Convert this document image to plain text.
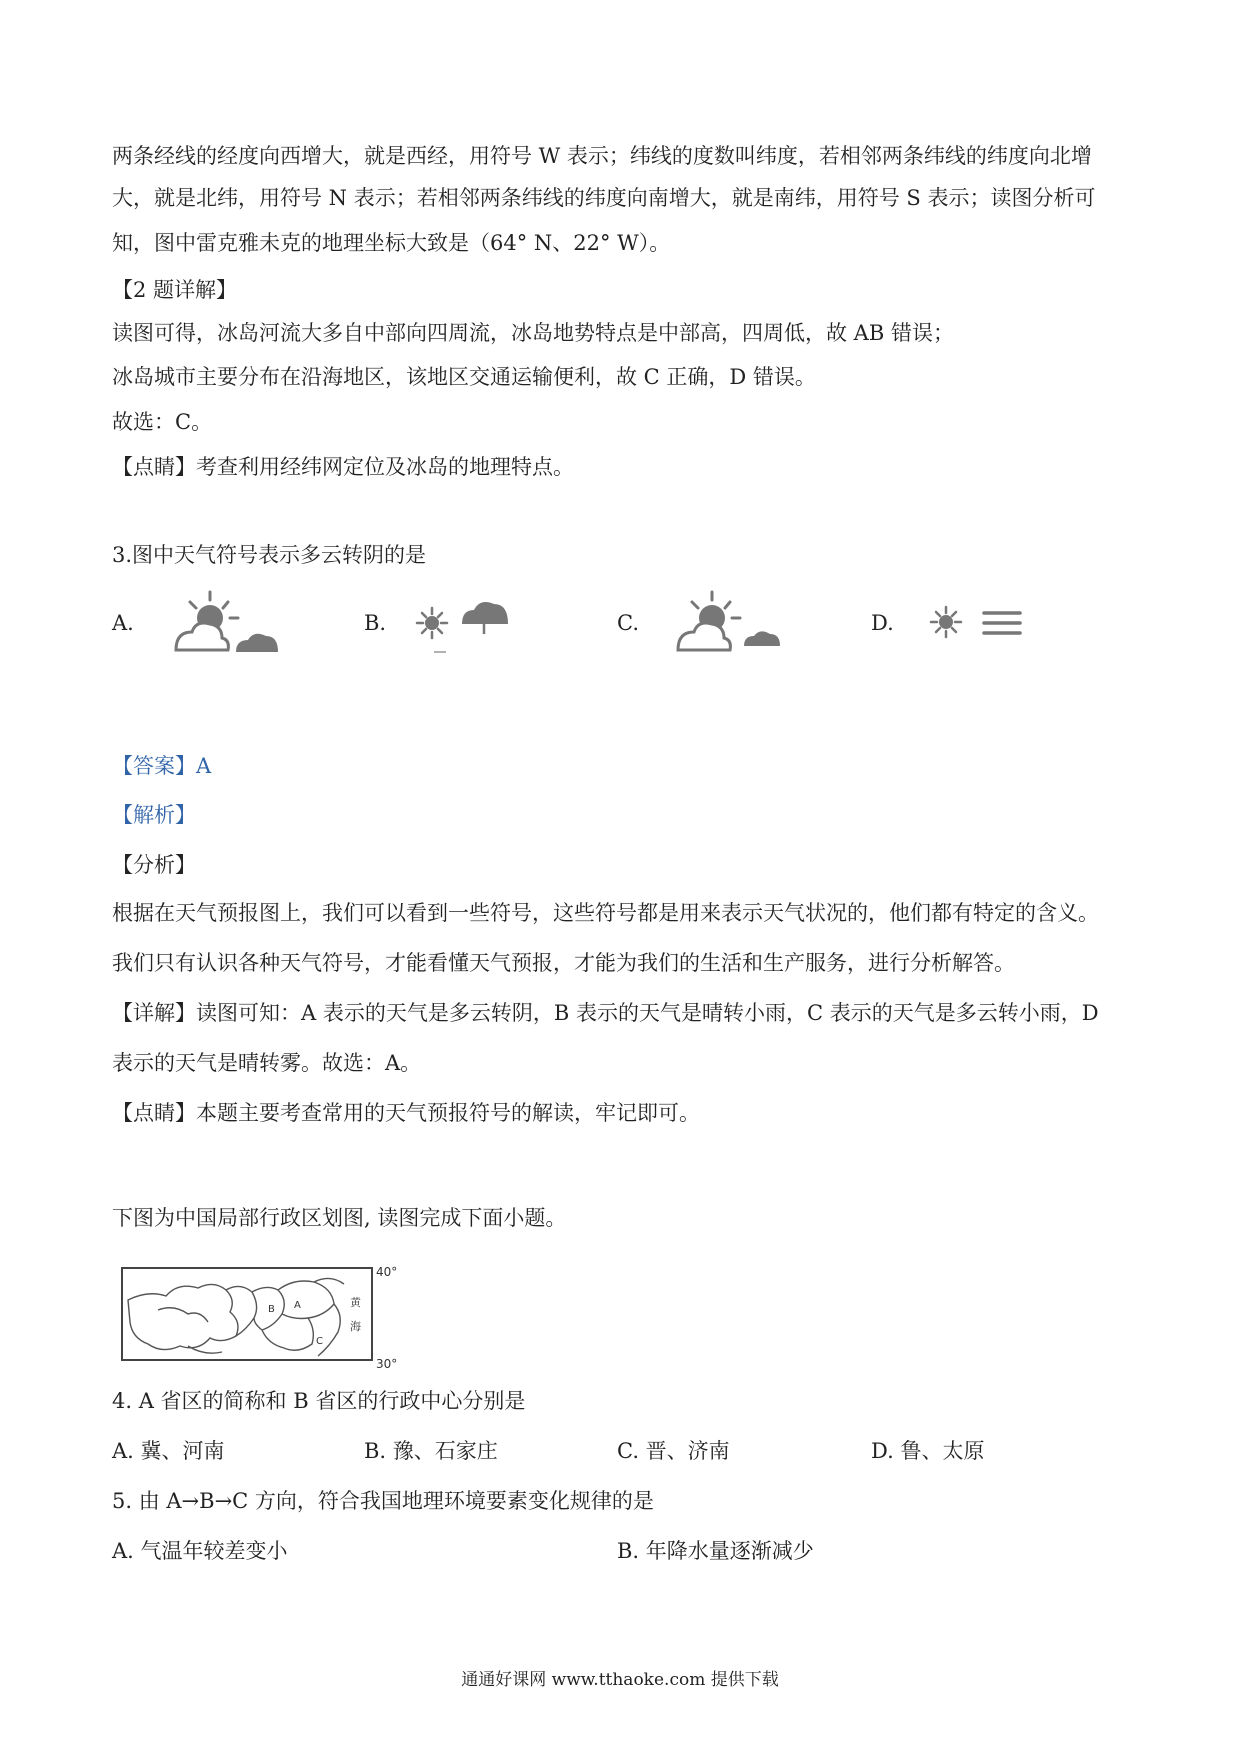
两条经线的经度向西增大，就是西经，用符号 W 表示；纬线的度数叫纬度，若相邻两条纬线的纬度向北增
大，就是北纬，用符号 N 表示；若相邻两条纬线的纬度向南增大，就是南纬，用符号 S 表示；读图分析可
知，图中雷克雅未克的地理坐标大致是（64° N、22° W）。
【2 题详解】
读图可得，冰岛河流大多自中部向四周流，冰岛地势特点是中部高，四周低，故 AB 错误；
冰岛城市主要分布在沿海地区，该地区交通运输便利，故 C 正确，D 错误。
故选：C。
【点睛】考查利用经纬网定位及冰岛的地理特点。
3.图中天气符号表示多云转阴的是
A.	B.	C.	D.
【答案】A
【解析】
【分析】
根据在天气预报图上，我们可以看到一些符号，这些符号都是用来表示天气状况的，他们都有特定的含义。
我们只有认识各种天气符号，才能看懂天气预报，才能为我们的生活和生产服务，进行分析解答。
【详解】读图可知：A 表示的天气是多云转阴，B 表示的天气是晴转小雨，C 表示的天气是多云转小雨，D
表示的天气是晴转雾。故选：A。
【点睛】本题主要考查常用的天气预报符号的解读，牢记即可。
下图为中国局部行政区划图, 读图完成下面小题。
B A
C
黄
海
40°
30°
4. A 省区的简称和 B 省区的行政中心分别是
A. 冀、河南	B. 豫、石家庄	C. 晋、济南	D. 鲁、太原
5. 由 A→B→C 方向，符合我国地理环境要素变化规律的是
A. 气温年较差变小	B. 年降水量逐渐减少
通通好课网 www.tthaoke.com 提供下载
